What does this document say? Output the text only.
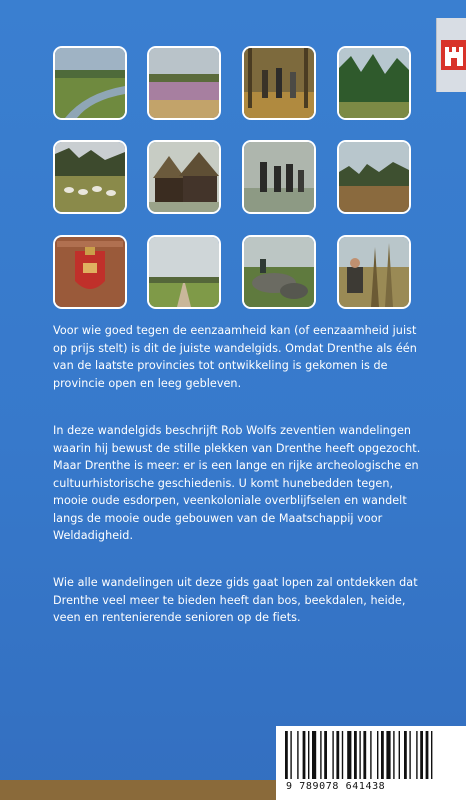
Voor wie goed tegen de eenzaamheid kan (of eenzaamheid juist op prijs stelt) is dit de juiste wandelgids. Omdat Drenthe als één van de laatste provincies tot ontwikkeling is gekomen is de provincie open en leeg gebleven.

In deze wandelgids beschrijft Rob Wolfs zeventien wandelingen waarin hij bewust de stille plekken van Drenthe heeft opgezocht. Maar Drenthe is meer: er is een lange en rijke archeologische en cultuurhistorische geschiedenis. U komt hunebedden tegen, mooie oude esdorpen, veenkoloniale overblijfselen en wandelt langs de mooie oude gebouwen van de Maatschappij voor Weldadigheid.

Wie alle wandelingen uit deze gids gaat lopen zal ontdekken dat Drenthe veel meer te bieden heeft dan bos, beekdalen, heide, veen en rentenierende senioren op de fiets.

9 789078 641438
